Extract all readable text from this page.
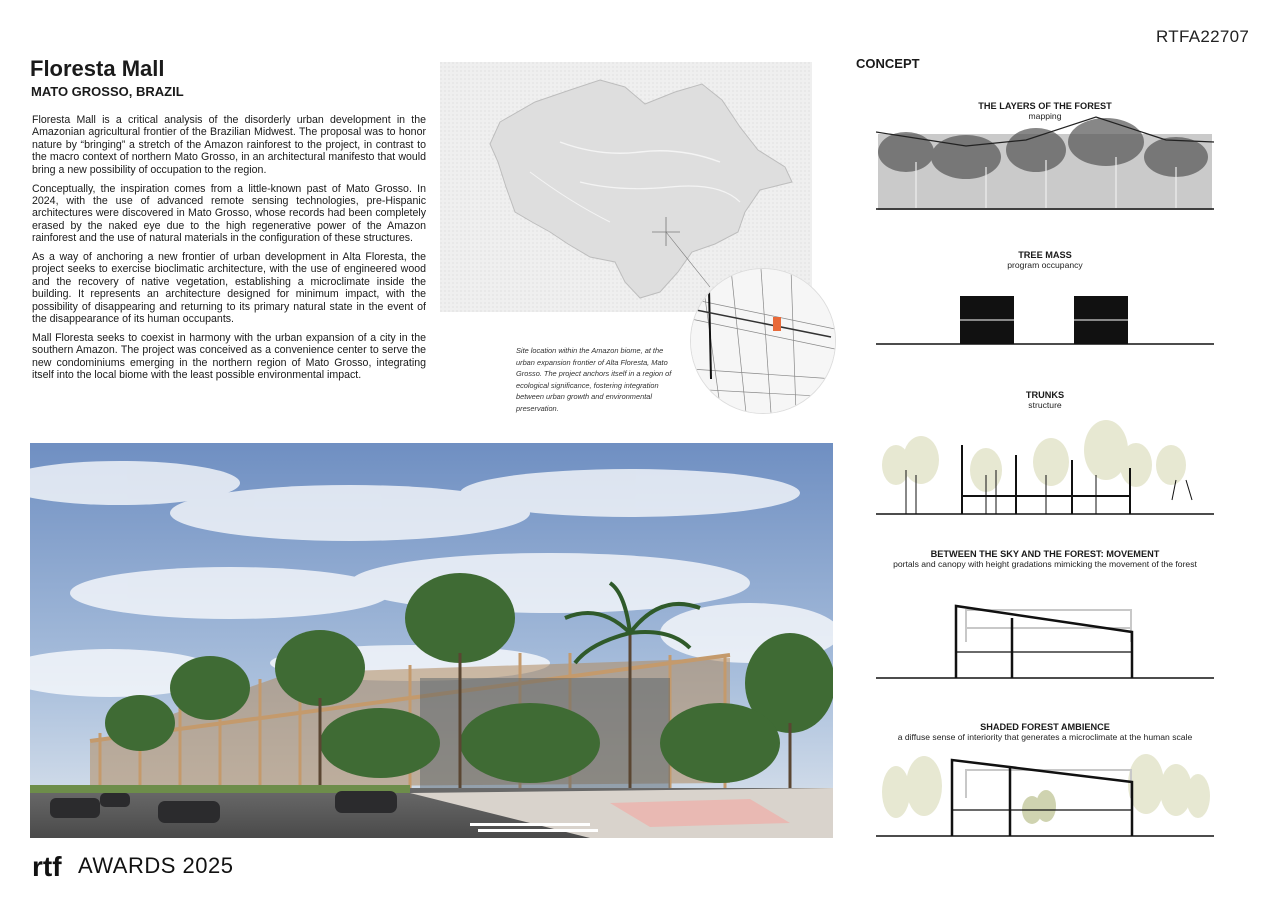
RTFA22707
Floresta Mall
MATO GROSSO, BRAZIL

Floresta Mall is a critical analysis of the disorderly urban development in the Amazonian agricultural frontier of the Brazilian Midwest. The proposal was to honor nature by “bringing” a stretch of the Amazon rainforest to the project, in contrast to the macro context of northern Mato Grosso, in an architectural manifesto that would bring a new possibility of occupation to the region.

Conceptually, the inspiration comes from a little-known past of Mato Grosso. In 2024, with the use of advanced remote sensing technologies, pre-Hispanic architectures were discovered in Mato Grosso, whose records had been completely erased by the naked eye due to the high regenerative power of the Amazon rainforest and the use of natural materials in the configuration of these structures.

As a way of anchoring a new frontier of urban development in Alta Floresta, the project seeks to exercise bioclimatic architecture, with the use of engineered wood and the recovery of native vegetation, establishing a microclimate inside the building. It represents an architecture designed for minimum impact, with the possibility of disappearing and returning to its primary natural state in the event of the disappearance of its human occupants.

Mall Floresta seeks to coexist in harmony with the urban expansion of a city in the southern Amazon. The project was conceived as a convenience center to serve the new condominiums emerging in the northern region of Mato Grosso, integrating itself into the local biome with the least possible environmental impact.

Site location within the Amazon biome, at the urban expansion frontier of Alta Floresta, Mato Grosso. The project anchors itself in a region of ecological significance, fostering integration between urban growth and environmental preservation.
rtf AWARDS 2025
CONCEPT
THE LAYERS OF THE FOREST
mapping
TREE MASS
program occupancy
TRUNKS
structure
BETWEEN THE SKY AND THE FOREST: MOVEMENT
portals and canopy with height gradations mimicking the movement of the forest
SHADED FOREST AMBIENCE
a diffuse sense of interiority that generates a microclimate at the human scale
